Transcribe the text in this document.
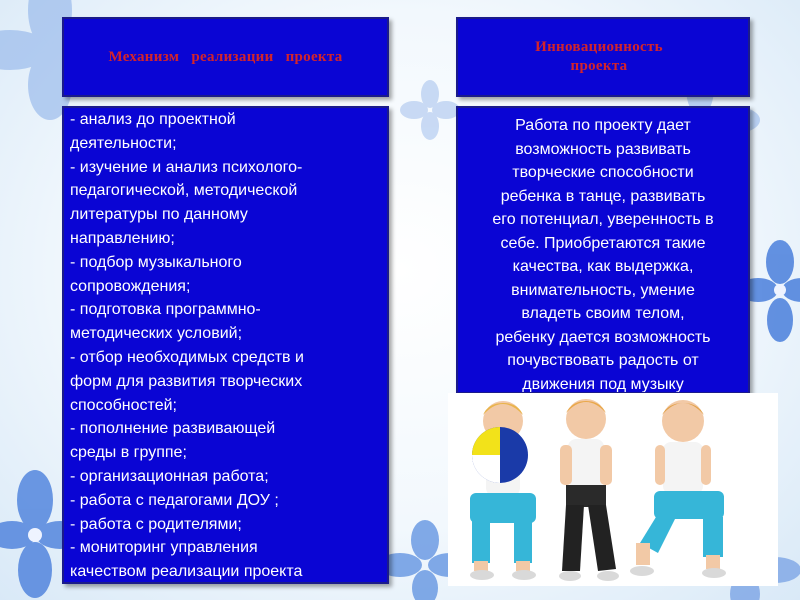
Механизм реализации проекта
Инновационность
проекта
- анализ до проектной
деятельности;
- изучение и анализ психолого-
педагогической, методической
литературы по данному
направлению;
- подбор музыкального
сопровождения;
- подготовка программно-
методических условий;
- отбор необходимых средств и
форм для развития творческих
способностей;
- пополнение развивающей
среды в группе;
- организационная работа;
- работа с педагогами ДОУ ;
- работа с родителями;
- мониторинг управления
качеством реализации проекта
Работа по проекту дает
возможность развивать
творческие способности
ребенка в танце, развивать
его потенциал, уверенность в
себе. Приобретаются такие
качества, как выдержка,
внимательность, умение
владеть своим телом,
ребенку дается возможность
почувствовать радость от
движения под музыку
